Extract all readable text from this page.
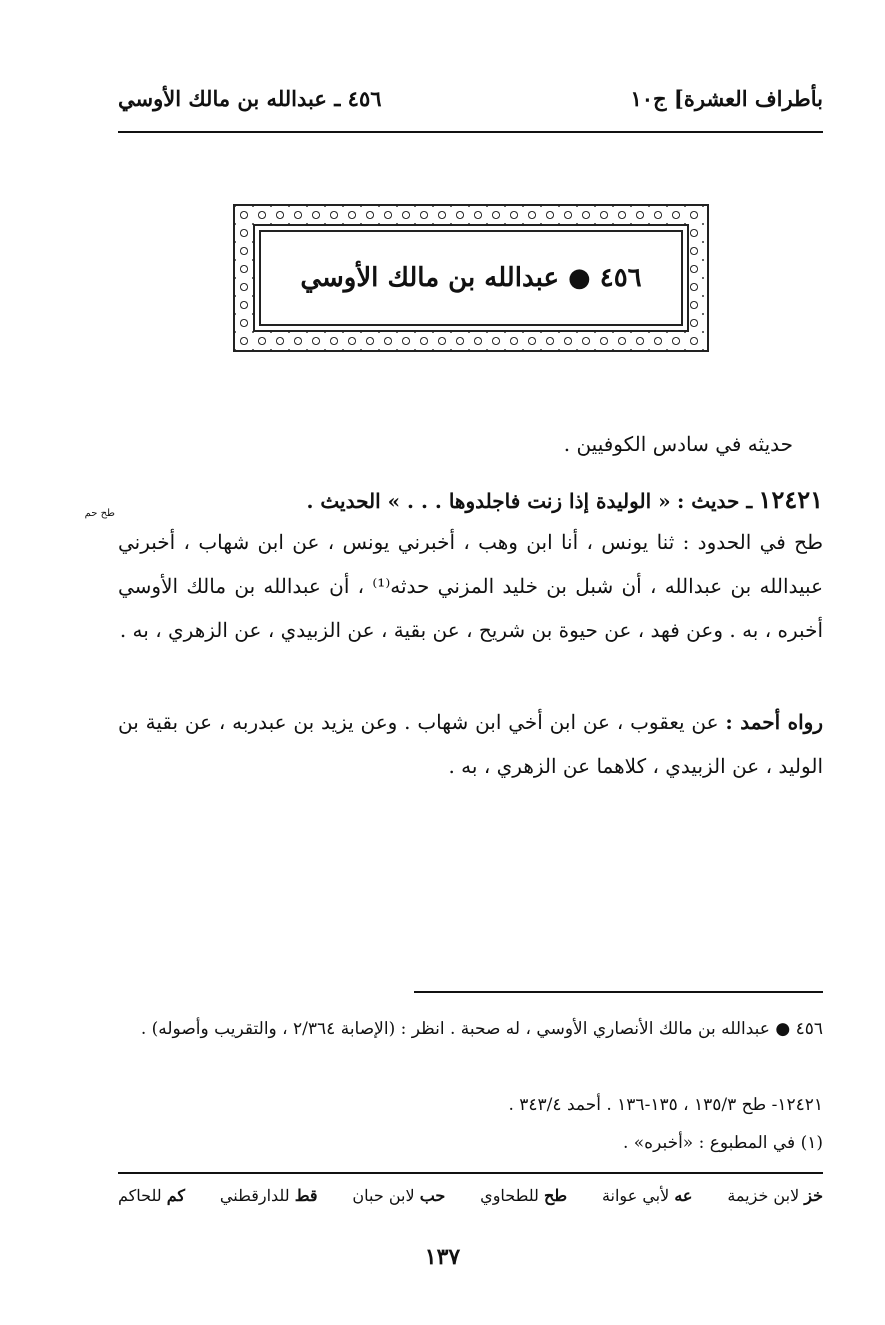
بأطراف العشرة] ج١٠
٤٥٦ ـ عبدالله بن مالك الأوسي
٤٥٦ ● عبدالله بن مالك الأوسي
حديثه في سادس الكوفيين .
١٢٤٢١ ـ حديث : « الوليدة إذا زنت فاجلدوها . . . » الحديث .
طح حم
طح في الحدود : ثنا يونس ، أنا ابن وهب ، أخبرني يونس ، عن ابن شهاب ، أخبرني عبيدالله بن عبدالله ، أن شبل بن خليد المزني حدثه⁽¹⁾ ، أن عبدالله بن مالك الأوسي أخبره ، به . وعن فهد ، عن حيوة بن شريح ، عن بقية ، عن الزبيدي ، عن الزهري ، به .
رواه أحمد : عن يعقوب ، عن ابن أخي ابن شهاب . وعن يزيد بن عبدربه ، عن بقية بن الوليد ، عن الزبيدي ، كلاهما عن الزهري ، به .
٤٥٦ ● عبدالله بن مالك الأنصاري الأوسي ، له صحبة . انظر : (الإصابة ٢/٣٦٤ ، والتقريب وأصوله) .
١٢٤٢١- طح ١٣٥/٣ ، ١٣٥-١٣٦ . أحمد ٣٤٣/٤ .
(١) في المطبوع : «أخبره» .
خز لابن خزيمة
عه لأبي عوانة
طح للطحاوي
حب لابن حبان
قط للدارقطني
كم للحاكم
١٣٧
